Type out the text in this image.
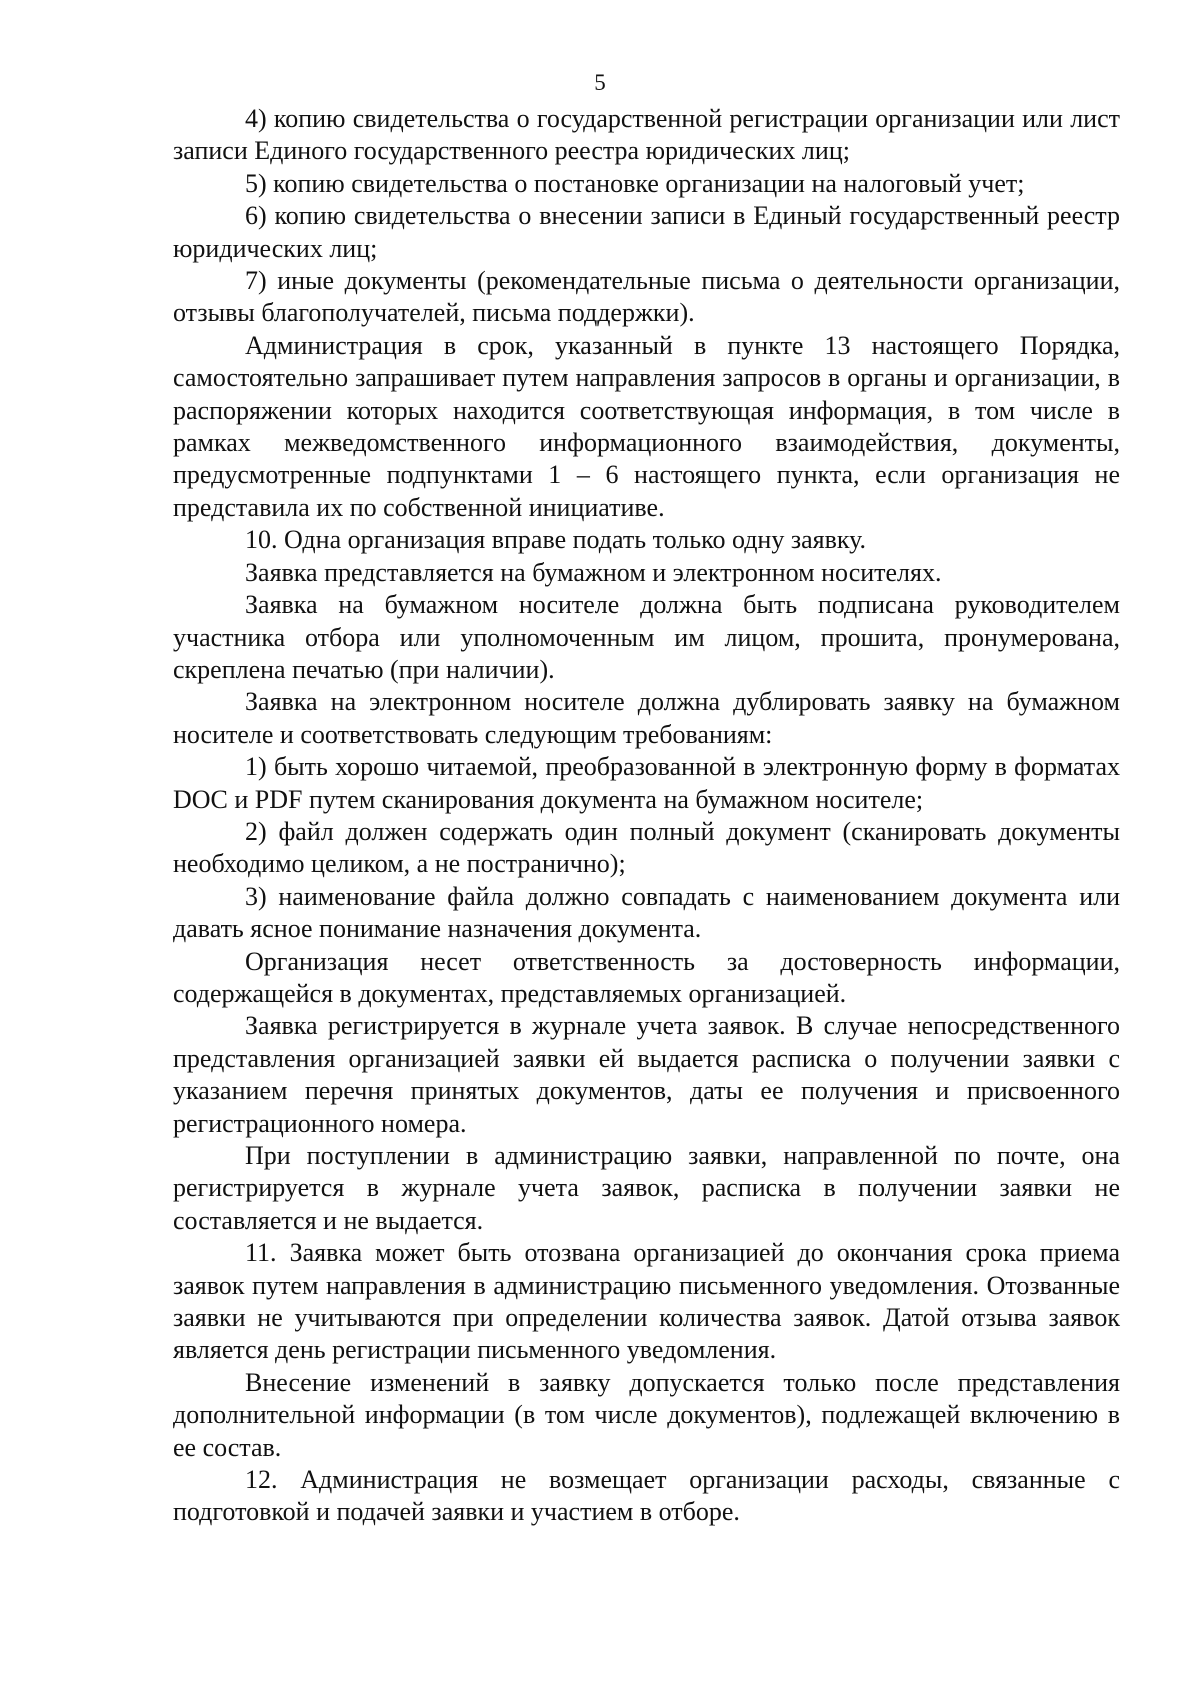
5

4) копию свидетельства о государственной регистрации организации или лист записи Единого государственного реестра юридических лиц;

5) копию свидетельства о постановке организации на налоговый учет;

6) копию свидетельства о внесении записи в Единый государственный реестр юридических лиц;

7) иные документы (рекомендательные письма о деятельности организации, отзывы благополучателей, письма поддержки).

Администрация в срок, указанный в пункте 13 настоящего Порядка, самостоятельно запрашивает путем направления запросов в органы и организации, в распоряжении которых находится соответствующая информация, в том числе в рамках межведомственного информационного взаимодействия, документы, предусмотренные подпунктами 1 – 6 настоящего пункта, если организация не представила их по собственной инициативе.

10. Одна организация вправе подать только одну заявку.

Заявка представляется на бумажном и электронном носителях.

Заявка на бумажном носителе должна быть подписана руководителем участника отбора или уполномоченным им лицом, прошита, пронумерована, скреплена печатью (при наличии).

Заявка на электронном носителе должна дублировать заявку на бумажном носителе и соответствовать следующим требованиям:

1) быть хорошо читаемой, преобразованной в электронную форму в форматах DOC и PDF путем сканирования документа на бумажном носителе;

2) файл должен содержать один полный документ (сканировать документы необходимо целиком, а не постранично);

3) наименование файла должно совпадать с наименованием документа или давать ясное понимание назначения документа.

Организация несет ответственность за достоверность информации, содержащейся в документах, представляемых организацией.

Заявка регистрируется в журнале учета заявок. В случае непосредственного представления организацией заявки ей выдается расписка о получении заявки с указанием перечня принятых документов, даты ее получения и присвоенного регистрационного номера.

При поступлении в администрацию заявки, направленной по почте, она регистрируется в журнале учета заявок, расписка в получении заявки не составляется и не выдается.

11. Заявка может быть отозвана организацией до окончания срока приема заявок путем направления в администрацию письменного уведомления. Отозванные заявки не учитываются при определении количества заявок. Датой отзыва заявок является день регистрации письменного уведомления.

Внесение изменений в заявку допускается только после представления дополнительной информации (в том числе документов), подлежащей включению в ее состав.

12. Администрация не возмещает организации расходы, связанные с подготовкой и подачей заявки и участием в отборе.
